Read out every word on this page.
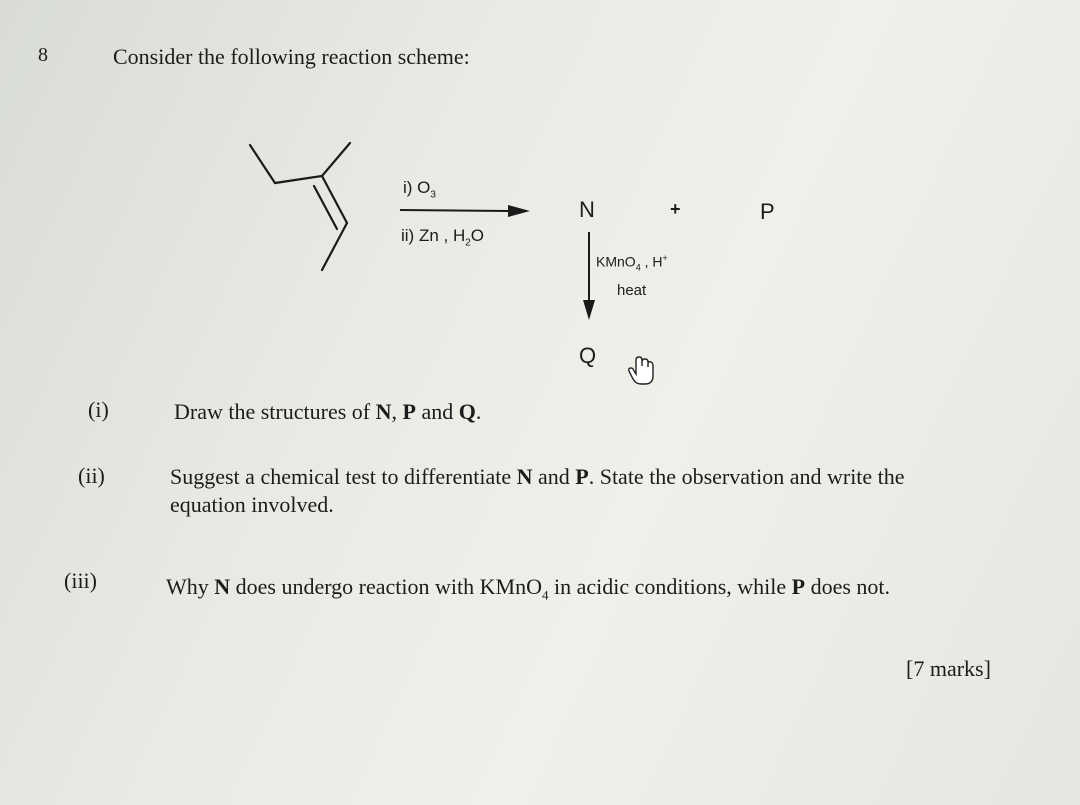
8	Consider the following reaction scheme:
i) $O_3$
ii) Zn , $H_2O$
N	+	P
KMnO$_4$ , H+
heat
Q
(i)	Draw the structures of N, P and Q.
(ii)	Suggest a chemical test to differentiate N and P. State the observation and write the equation involved.
(iii)	Why N does undergo reaction with KMnO$_4$ in acidic conditions, while P does not.
[7 marks]
